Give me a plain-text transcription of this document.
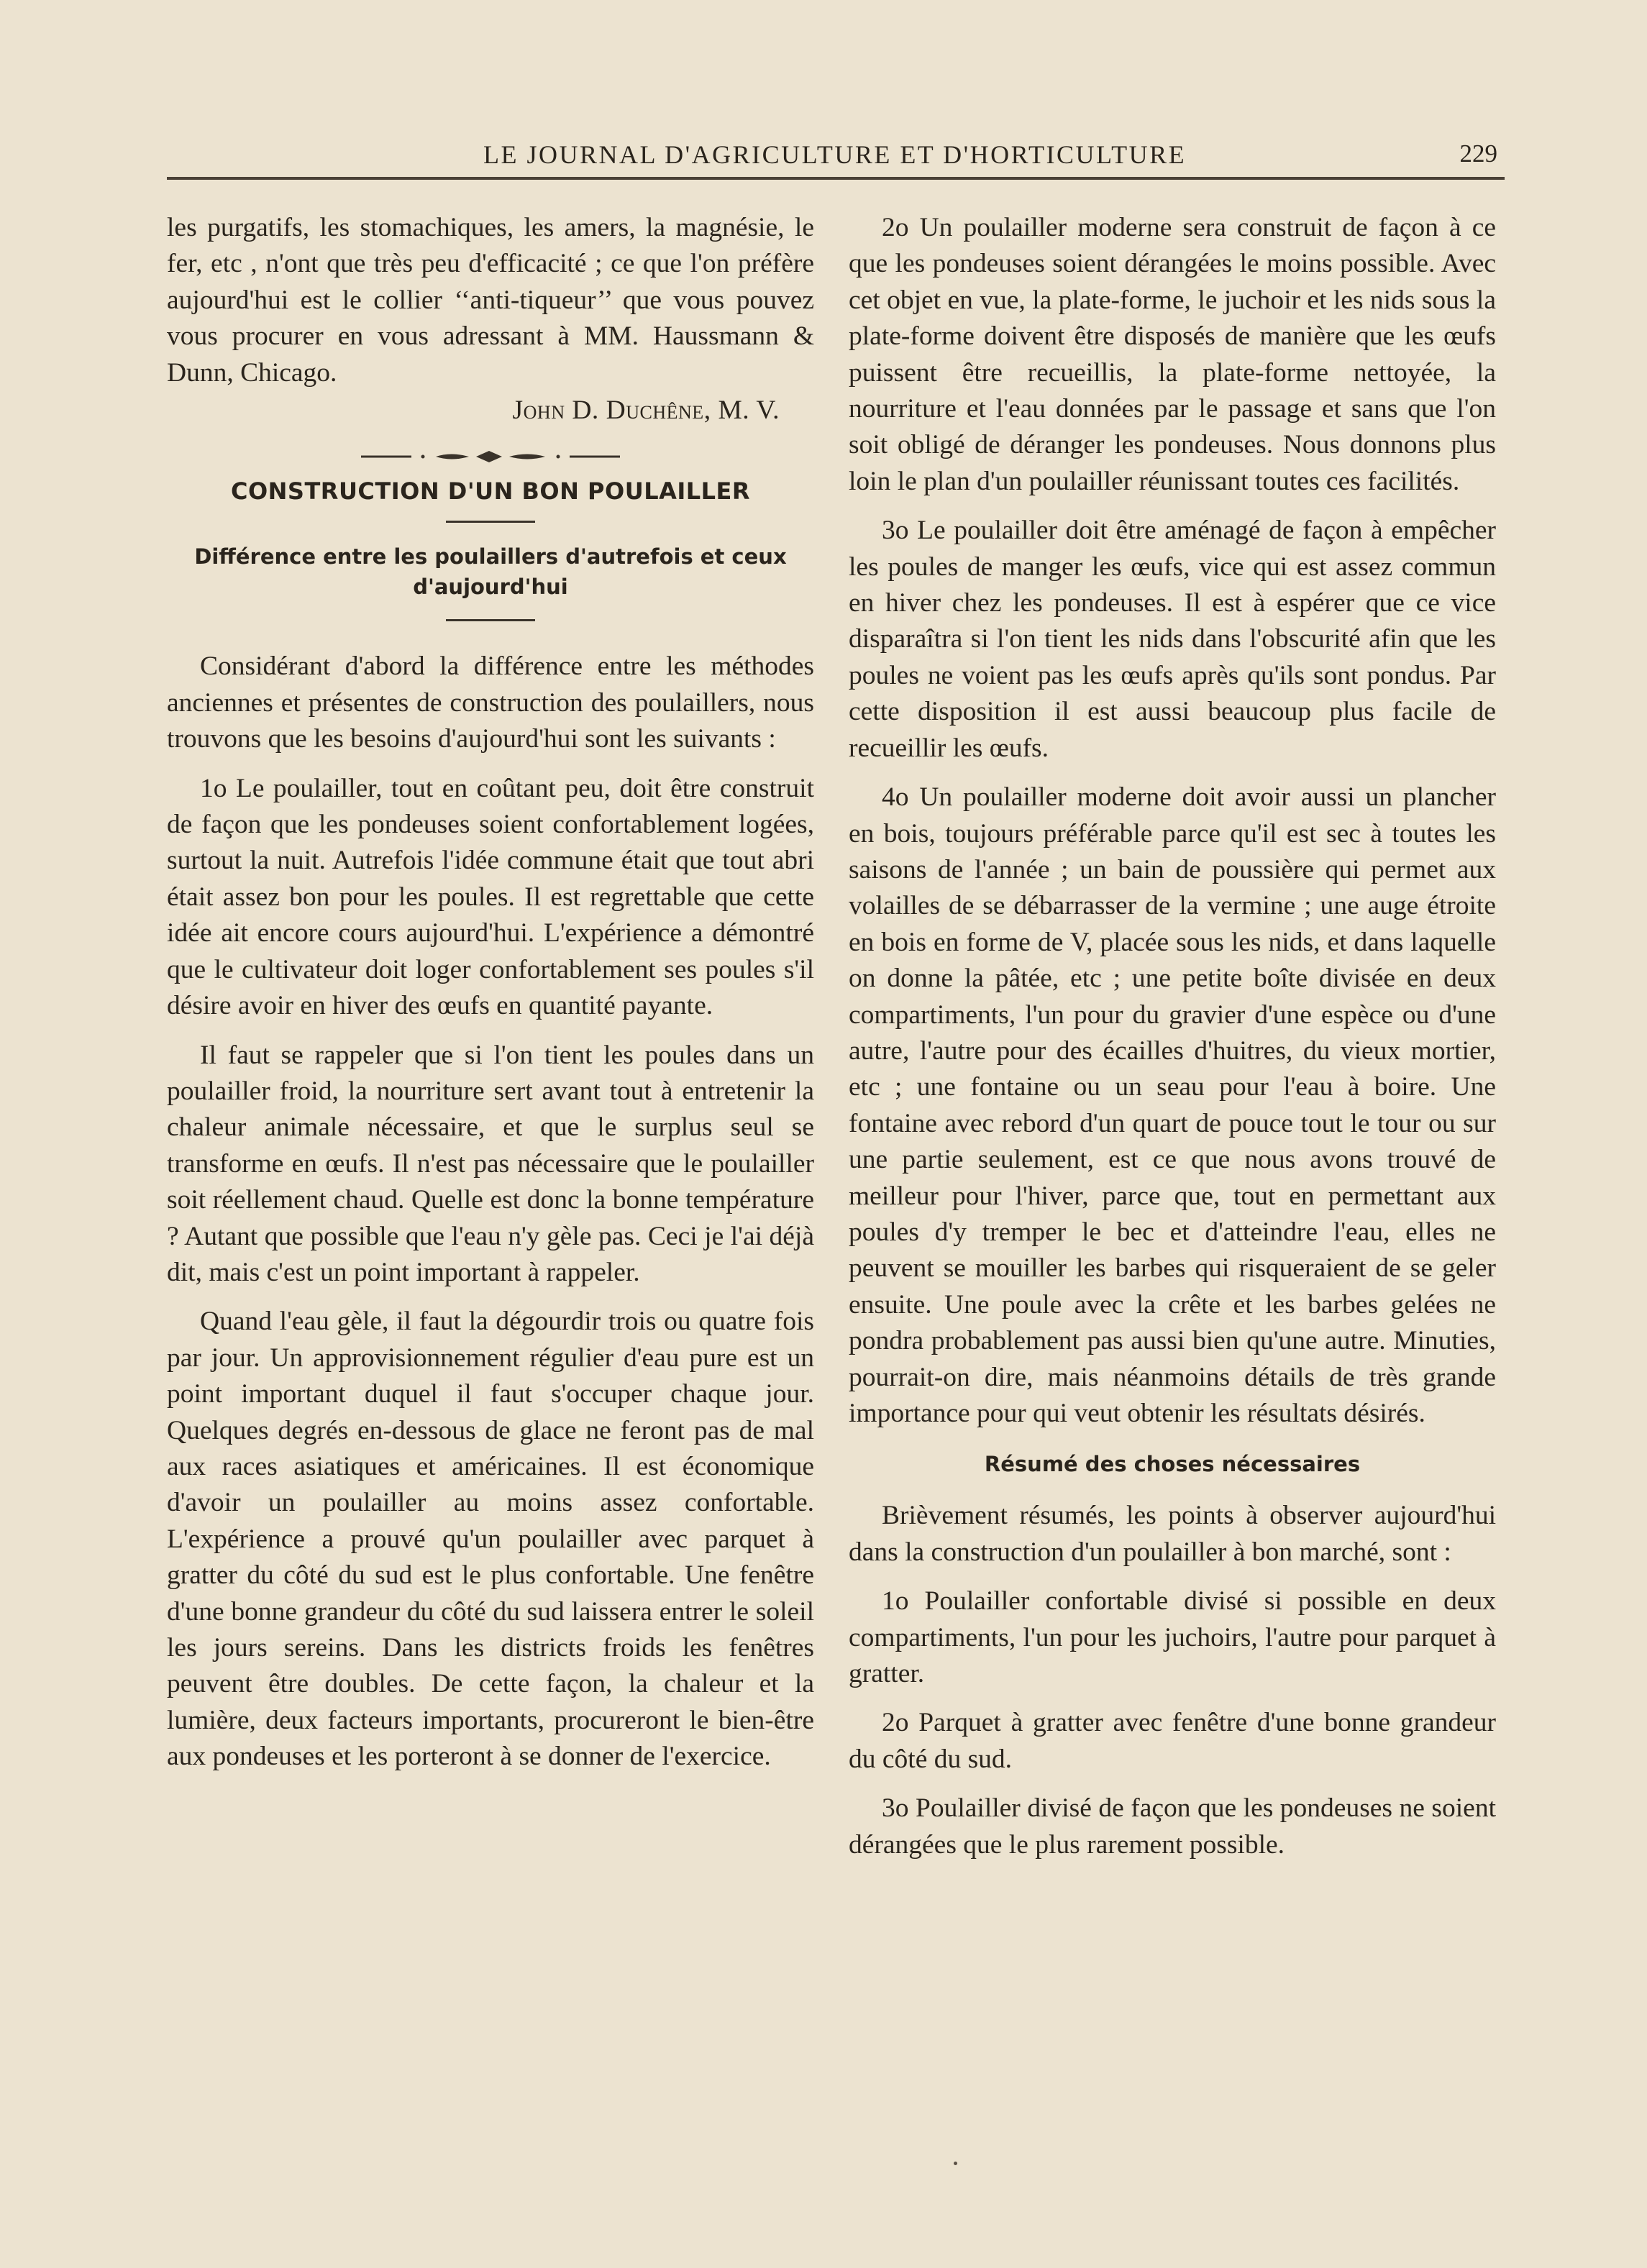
LE JOURNAL D'AGRICULTURE ET D'HORTICULTURE	229

les purgatifs, les stomachiques, les amers, la magnésie, le fer, etc , n'ont que très peu d'efficacité ; ce que l'on préfère aujourd'hui est le collier ‘‘anti-tiqueur’’ que vous pouvez vous procurer en vous adressant à MM. Haussmann & Dunn, Chicago.

John D. Duchêne, M. V.
CONSTRUCTION D'UN BON POULAILLER
Différence entre les poulaillers d'autrefois et ceux d'aujourd'hui

Considérant d'abord la différence entre les méthodes anciennes et présentes de construction des poulaillers, nous trouvons que les besoins d'aujourd'hui sont les suivants :

1o Le poulailler, tout en coûtant peu, doit être construit de façon que les pondeuses soient confortablement logées, surtout la nuit. Autrefois l'idée commune était que tout abri était assez bon pour les poules. Il est regrettable que cette idée ait encore cours aujourd'hui. L'expérience a démontré que le cultivateur doit loger confortablement ses poules s'il désire avoir en hiver des œufs en quantité payante.

Il faut se rappeler que si l'on tient les poules dans un poulailler froid, la nourriture sert avant tout à entretenir la chaleur animale nécessaire, et que le surplus seul se transforme en œufs. Il n'est pas nécessaire que le poulailler soit réellement chaud. Quelle est donc la bonne température ? Autant que possible que l'eau n'y gèle pas. Ceci je l'ai déjà dit, mais c'est un point important à rappeler.

Quand l'eau gèle, il faut la dégourdir trois ou quatre fois par jour. Un approvisionnement régulier d'eau pure est un point important duquel il faut s'occuper chaque jour. Quelques degrés en-dessous de glace ne feront pas de mal aux races asiatiques et américaines. Il est économique d'avoir un poulailler au moins assez confortable. L'expérience a prouvé qu'un poulailler avec parquet à gratter du côté du sud est le plus confortable. Une fenêtre d'une bonne grandeur du côté du sud laissera entrer le soleil les jours sereins. Dans les districts froids les fenêtres peuvent être doubles. De cette façon, la chaleur et la lumière, deux facteurs importants, procureront le bien-être aux pondeuses et les porteront à se donner de l'exercice.

2o Un poulailler moderne sera construit de façon à ce que les pondeuses soient dérangées le moins possible. Avec cet objet en vue, la plate-forme, le juchoir et les nids sous la plate-forme doivent être disposés de manière que les œufs puissent être recueillis, la plate-forme nettoyée, la nourriture et l'eau données par le passage et sans que l'on soit obligé de déranger les pondeuses. Nous donnons plus loin le plan d'un poulailler réunissant toutes ces facilités.

3o Le poulailler doit être aménagé de façon à empêcher les poules de manger les œufs, vice qui est assez commun en hiver chez les pondeuses. Il est à espérer que ce vice disparaîtra si l'on tient les nids dans l'obscurité afin que les poules ne voient pas les œufs après qu'ils sont pondus. Par cette disposition il est aussi beaucoup plus facile de recueillir les œufs.

4o Un poulailler moderne doit avoir aussi un plancher en bois, toujours préférable parce qu'il est sec à toutes les saisons de l'année ; un bain de poussière qui permet aux volailles de se débarrasser de la vermine ; une auge étroite en bois en forme de V, placée sous les nids, et dans laquelle on donne la pâtée, etc ; une petite boîte divisée en deux compartiments, l'un pour du gravier d'une espèce ou d'une autre, l'autre pour des écailles d'huitres, du vieux mortier, etc ; une fontaine ou un seau pour l'eau à boire. Une fontaine avec rebord d'un quart de pouce tout le tour ou sur une partie seulement, est ce que nous avons trouvé de meilleur pour l'hiver, parce que, tout en permettant aux poules d'y tremper le bec et d'atteindre l'eau, elles ne peuvent se mouiller les barbes qui risqueraient de se geler ensuite. Une poule avec la crête et les barbes gelées ne pondra probablement pas aussi bien qu'une autre. Minuties, pourrait-on dire, mais néanmoins détails de très grande importance pour qui veut obtenir les résultats désirés.

Résumé des choses nécessaires

Brièvement résumés, les points à observer aujourd'hui dans la construction d'un poulailler à bon marché, sont :

1o Poulailler confortable divisé si possible en deux compartiments, l'un pour les juchoirs, l'autre pour parquet à gratter.

2o Parquet à gratter avec fenêtre d'une bonne grandeur du côté du sud.

3o Poulailler divisé de façon que les pondeuses ne soient dérangées que le plus rarement possible.
